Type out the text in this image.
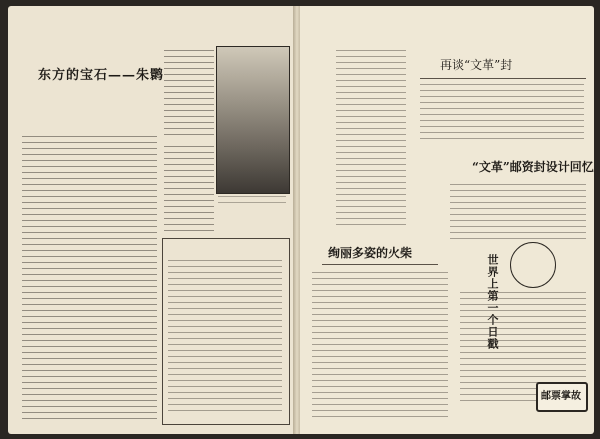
东方的宝石——朱鹮
再谈“文革”封
“文革”邮资封设计回忆
绚丽多姿的火柴
世界上第一个日戳
邮票掌故
